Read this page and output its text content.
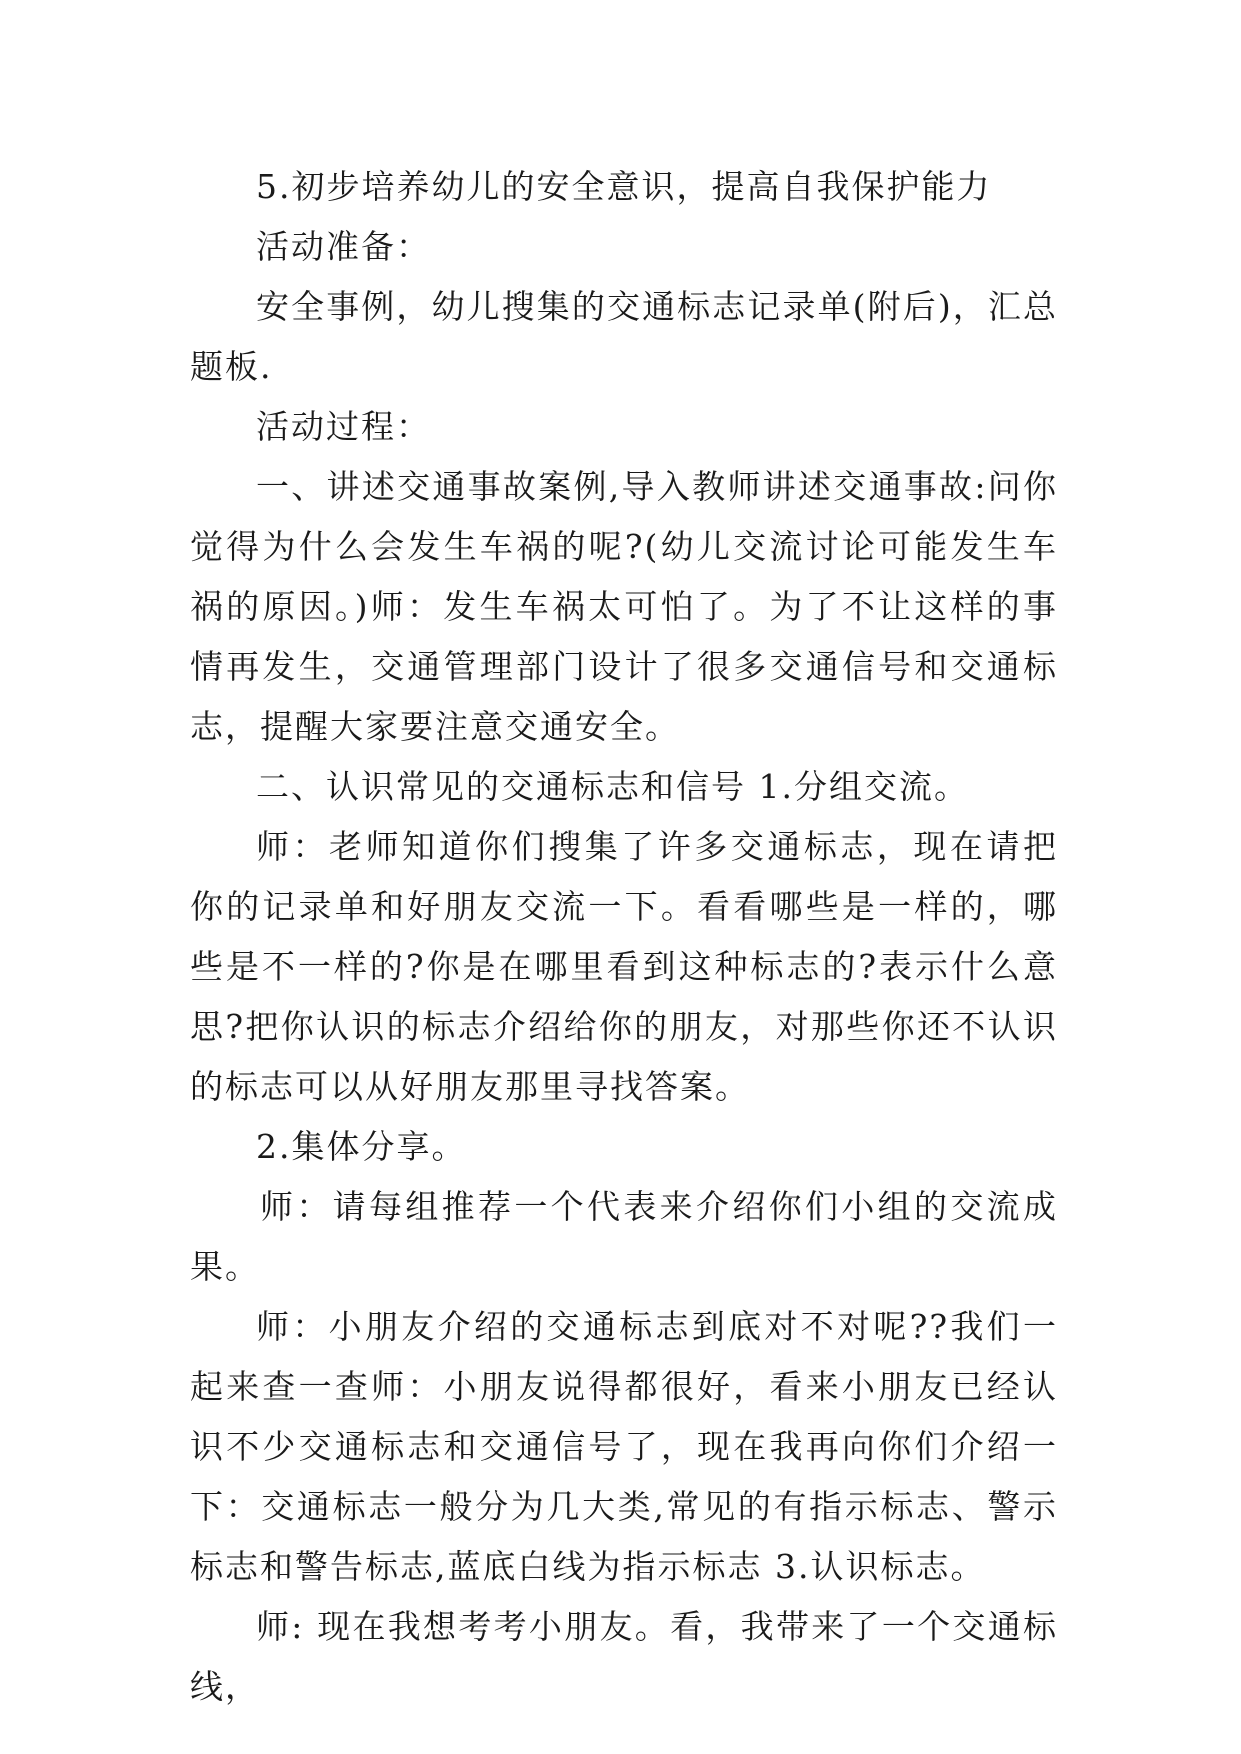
5.初步培养幼儿的安全意识，提高自我保护能力

活动准备：

安全事例，幼儿搜集的交通标志记录单(附后)，汇总题板.

活动过程：

一、讲述交通事故案例,导入教师讲述交通事故:问你觉得为什么会发生车祸的呢?(幼儿交流讨论可能发生车祸的原因。)师：发生车祸太可怕了。为了不让这样的事情再发生，交通管理部门设计了很多交通信号和交通标志，提醒大家要注意交通安全。

二、认识常见的交通标志和信号 1.分组交流。

师：老师知道你们搜集了许多交通标志，现在请把你的记录单和好朋友交流一下。看看哪些是一样的，哪些是不一样的?你是在哪里看到这种标志的?表示什么意思?把你认识的标志介绍给你的朋友，对那些你还不认识的标志可以从好朋友那里寻找答案。

2.集体分享。

师：请每组推荐一个代表来介绍你们小组的交流成果。

师：小朋友介绍的交通标志到底对不对呢??我们一起来查一查师：小朋友说得都很好，看来小朋友已经认识不少交通标志和交通信号了，现在我再向你们介绍一下：交通标志一般分为几大类,常见的有指示标志、警示标志和警告标志,蓝底白线为指示标志 3.认识标志。

师: 现在我想考考小朋友。看，我带来了一个交通标线，
